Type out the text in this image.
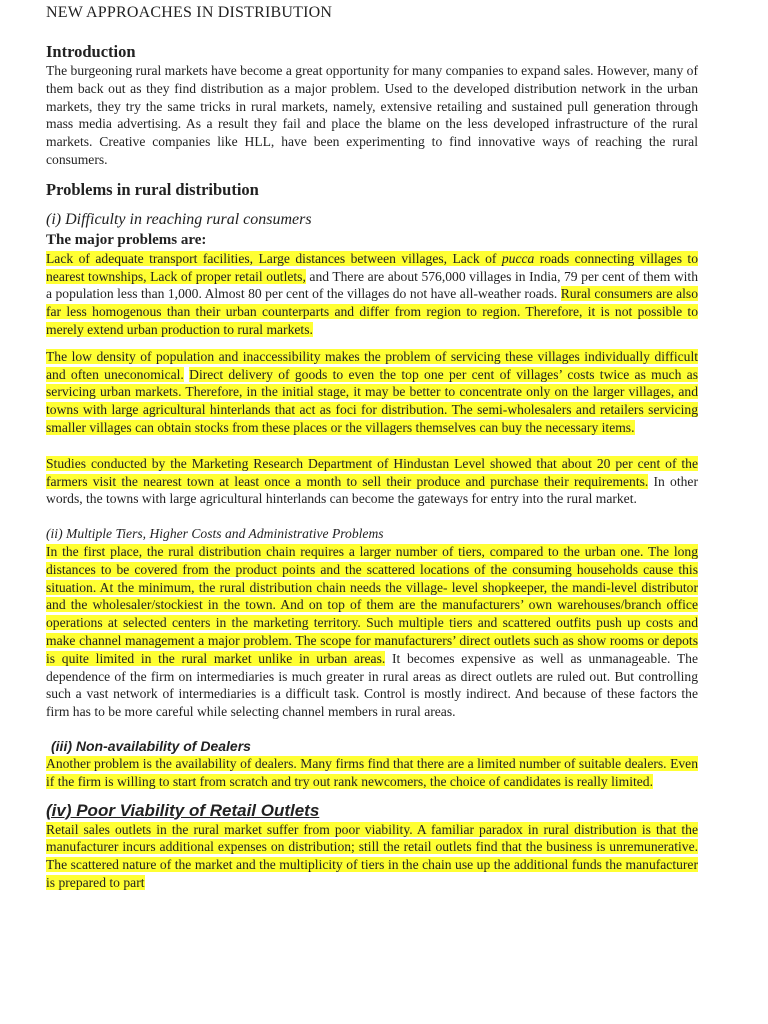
NEW APPROACHES IN DISTRIBUTION
Introduction

The burgeoning rural markets have become a great opportunity for many companies to expand sales. However, many of them back out as they find distribution as a major problem. Used to the developed distribution network in the urban markets, they try the same tricks in rural markets, namely, extensive retailing and sustained pull generation through mass media advertising. As a result they fail and place the blame on the less developed infrastructure of the rural markets. Creative companies like HLL, have been experimenting to find innovative ways of reaching the rural consumers.

Problems in rural distribution
(i) Difficulty in reaching rural consumers
The major problems are:

Lack of adequate transport facilities, Large distances between villages, Lack of pucca roads connecting villages to nearest townships, Lack of proper retail outlets, and There are about 576,000 villages in India, 79 per cent of them with a population less than 1,000. Almost 80 per cent of the villages do not have all-weather roads. Rural consumers are also far less homogenous than their urban counterparts and differ from region to region. Therefore, it is not possible to merely extend urban production to rural markets.

The low density of population and inaccessibility makes the problem of servicing these villages individually difficult and often uneconomical. Direct delivery of goods to even the top one per cent of villages’ costs twice as much as servicing urban markets. Therefore, in the initial stage, it may be better to concentrate only on the larger villages, and towns with large agricultural hinterlands that act as foci for distribution. The semi-wholesalers and retailers servicing smaller villages can obtain stocks from these places or the villagers themselves can buy the necessary items.

Studies conducted by the Marketing Research Department of Hindustan Level showed that about 20 per cent of the farmers visit the nearest town at least once a month to sell their produce and purchase their requirements. In other words, the towns with large agricultural hinterlands can become the gateways for entry into the rural market.

(ii) Multiple Tiers, Higher Costs and Administrative Problems

In the first place, the rural distribution chain requires a larger number of tiers, compared to the urban one. The long distances to be covered from the product points and the scattered locations of the consuming households cause this situation. At the minimum, the rural distribution chain needs the village- level shopkeeper, the mandi-level distributor and the wholesaler/stockiest in the town. And on top of them are the manufacturers’ own warehouses/branch office operations at selected centers in the marketing territory. Such multiple tiers and scattered outfits push up costs and make channel management a major problem. The scope for manufacturers’ direct outlets such as show rooms or depots is quite limited in the rural market unlike in urban areas. It becomes expensive as well as unmanageable. The dependence of the firm on intermediaries is much greater in rural areas as direct outlets are ruled out. But controlling such a vast network of intermediaries is a difficult task. Control is mostly indirect. And because of these factors the firm has to be more careful while selecting channel members in rural areas.

(iii) Non-availability of Dealers

Another problem is the availability of dealers. Many firms find that there are a limited number of suitable dealers. Even if the firm is willing to start from scratch and try out rank newcomers, the choice of candidates is really limited.

(iv) Poor Viability of Retail Outlets

Retail sales outlets in the rural market suffer from poor viability. A familiar paradox in rural distribution is that the manufacturer incurs additional expenses on distribution; still the retail outlets find that the business is unremunerative. The scattered nature of the market and the multiplicity of tiers in the chain use up the additional funds the manufacturer is prepared to part
